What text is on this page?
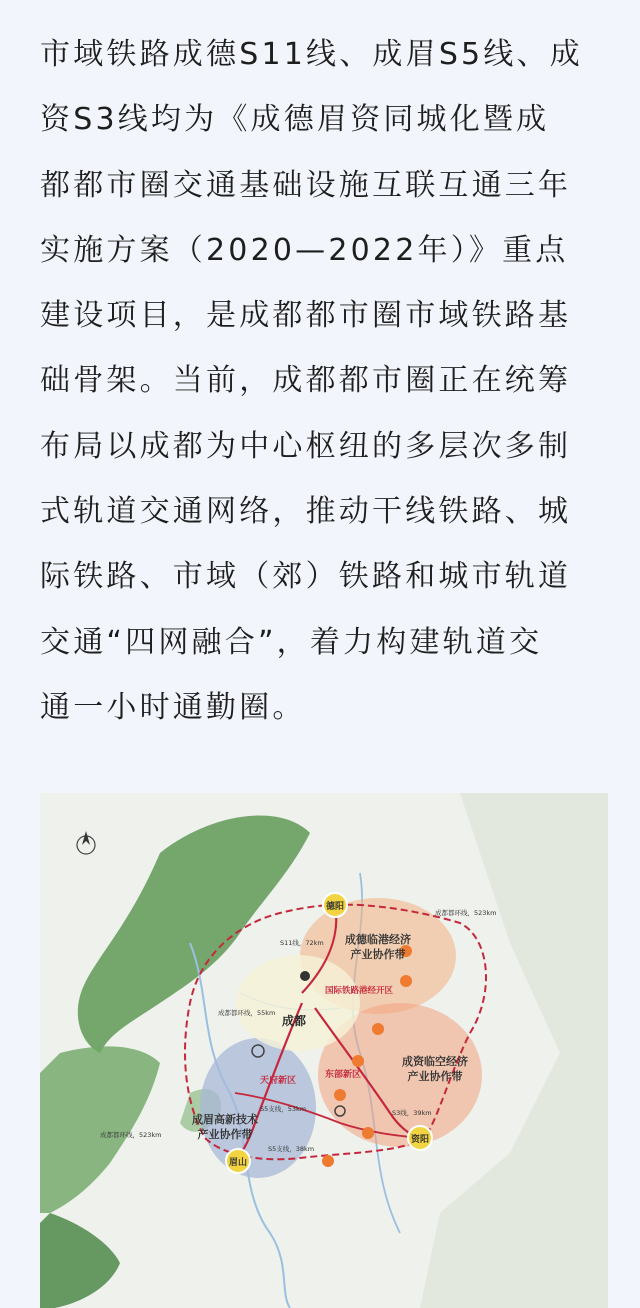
市域铁路成德S11线、成眉S5线、成
资S3线均为《成德眉资同城化暨成
都都市圈交通基础设施互联互通三年
实施方案（2020—2022年）》重点
建设项目，是成都都市圈市域铁路基
础骨架。当前，成都都市圈正在统筹
布局以成都为中心枢纽的多层次多制
式轨道交通网络，推动干线铁路、城
际铁路、市域（郊）铁路和城市轨道
交通“四网融合”，着力构建轨道交
通一小时通勤圈。
德阳
资阳
眉山
成都
成德临港经济
产业协作带
成资临空经济
产业协作带
成眉高新技术
产业协作带
天府新区
东部新区
国际铁路港经开区
S11线，72km
S5支线，53km
S5支线，38km
S3线，39km
成都都环线，523km
成都都环线，523km
成都都环线，55km
